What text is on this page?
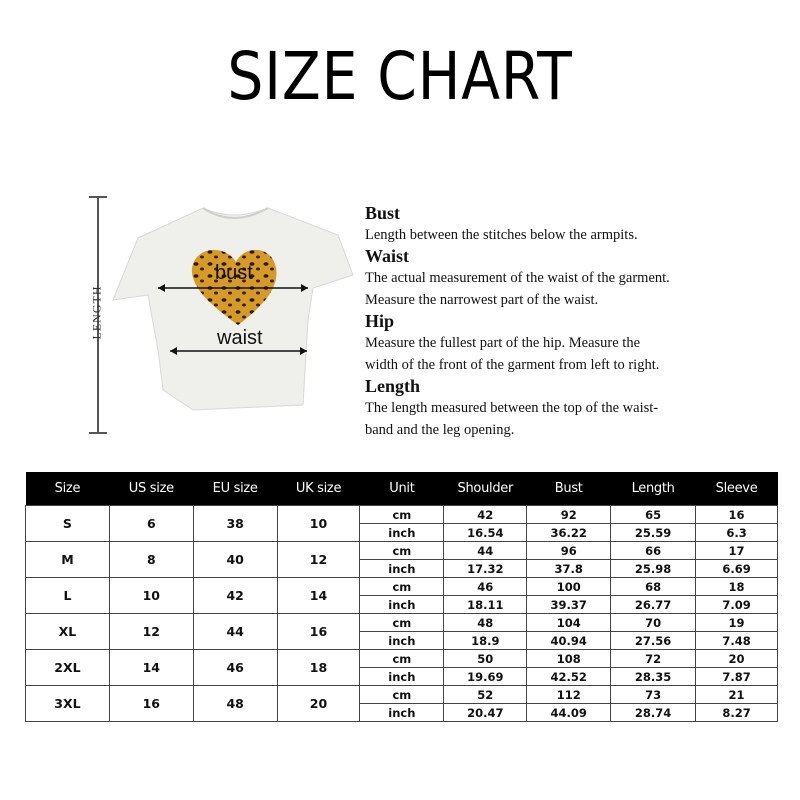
SIZE CHART
LENGTH
bust
waist
Bust

Length between the stitches below the armpits.

Waist

The actual measurement of the waist of the garment.

Measure the narrowest part of the waist.

Hip

Measure the fullest part of the hip. Measure the

width of the front of the garment from left to right.

Length

The length measured between the top of the waist-

band and the leg opening.

Size	US size	EU size	UK size	Unit	Shoulder	Bust	Length	Sleeve
S	6	38	10	cm	42	92	65	16
				inch	16.54	36.22	25.59	6.3
M	8	40	12	cm	44	96	66	17
				inch	17.32	37.8	25.98	6.69
L	10	42	14	cm	46	100	68	18
				inch	18.11	39.37	26.77	7.09
XL	12	44	16	cm	48	104	70	19
				inch	18.9	40.94	27.56	7.48
2XL	14	46	18	cm	50	108	72	20
				inch	19.69	42.52	28.35	7.87
3XL	16	48	20	cm	52	112	73	21
				inch	20.47	44.09	28.74	8.27
